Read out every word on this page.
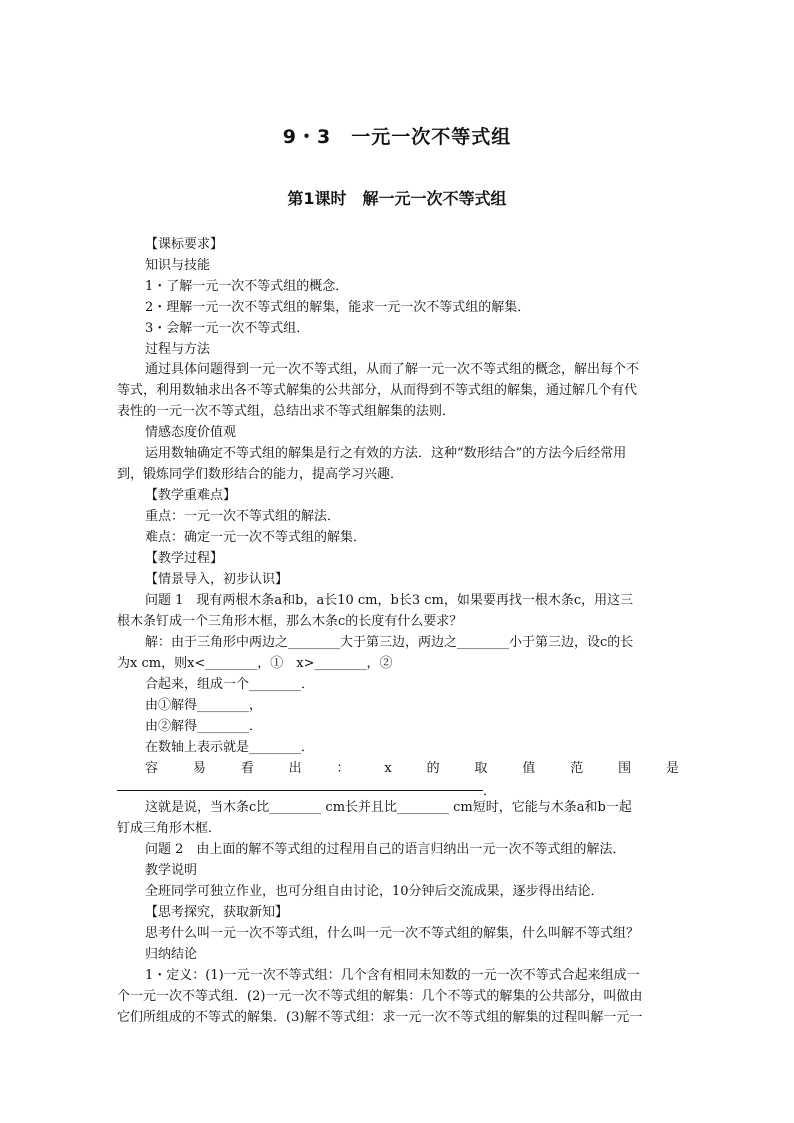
9・3　一元一次不等式组
第1课时　解一元一次不等式组
【课标要求】
知识与技能
1・了解一元一次不等式组的概念．
2・理解一元一次不等式组的解集，能求一元一次不等式组的解集．
3・会解一元一次不等式组．
过程与方法
通过具体问题得到一元一次不等式组，从而了解一元一次不等式组的概念，解出每个不
等式，利用数轴求出各不等式解集的公共部分，从而得到不等式组的解集，通过解几个有代
表性的一元一次不等式组，总结出求不等式组解集的法则．
情感态度价值观
运用数轴确定不等式组的解集是行之有效的方法．这种“数形结合”的方法今后经常用
到，锻炼同学们数形结合的能力，提高学习兴趣．
【教学重难点】
重点：一元一次不等式组的解法．
难点：确定一元一次不等式组的解集．
【教学过程】
【情景导入，初步认识】
问题 1　现有两根木条a和b，a长10 cm，b长3 cm，如果要再找一根木条c，用这三
根木条钉成一个三角形木框，那么木条c的长度有什么要求？
解：由于三角形中两边之________大于第三边，两边之________小于第三边，设c的长
为x cm，则x<________，①　x>________，②
合起来，组成一个________．
由①解得________，
由②解得________．
在数轴上表示就是________．
容	易	看	出	：	x	的	取	值	范	围	是
．
这就是说，当木条c比________ cm长并且比________ cm短时，它能与木条a和b一起
钉成三角形木框．
问题 2　由上面的解不等式组的过程用自己的语言归纳出一元一次不等式组的解法．
教学说明
全班同学可独立作业，也可分组自由讨论，10分钟后交流成果，逐步得出结论．
【思考探究，获取新知】
思考什么叫一元一次不等式组，什么叫一元一次不等式组的解集，什么叫解不等式组？
归纳结论
1・定义：(1)一元一次不等式组：几个含有相同未知数的一元一次不等式合起来组成一
个一元一次不等式组．(2)一元一次不等式组的解集：几个不等式的解集的公共部分，叫做由
它们所组成的不等式的解集．(3)解不等式组：求一元一次不等式组的解集的过程叫解一元一
